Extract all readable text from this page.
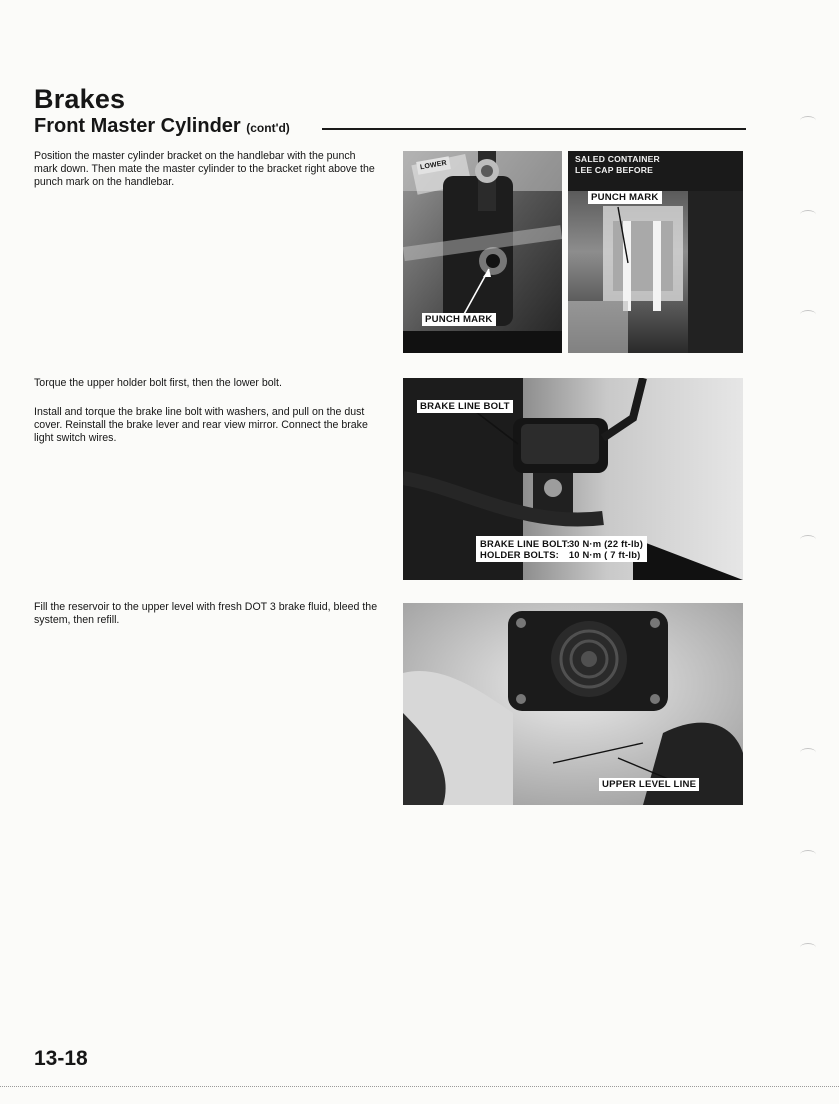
Brakes
Front Master Cylinder (cont'd)

Position the master cylinder bracket on the handlebar with the punch mark down. Then mate the master cylinder to the bracket right above the punch mark on the handlebar.

Torque the upper holder bolt first, then the lower bolt.

Install and torque the brake line bolt with washers, and pull on the dust cover. Reinstall the brake lever and rear view mirror. Connect the brake light switch wires.

Fill the reservoir to the upper level with fresh DOT 3 brake fluid, bleed the system, then refill.

PUNCH MARK
LOWER
SALED CONTAINER
LEE CAP BEFORE
PUNCH MARK
BRAKE LINE BOLT
BRAKE LINE BOLT: 30 N·m (22 ft-lb)
HOLDER BOLTS: 10 N·m ( 7 ft-lb)
UPPER LEVEL LINE
13-18
